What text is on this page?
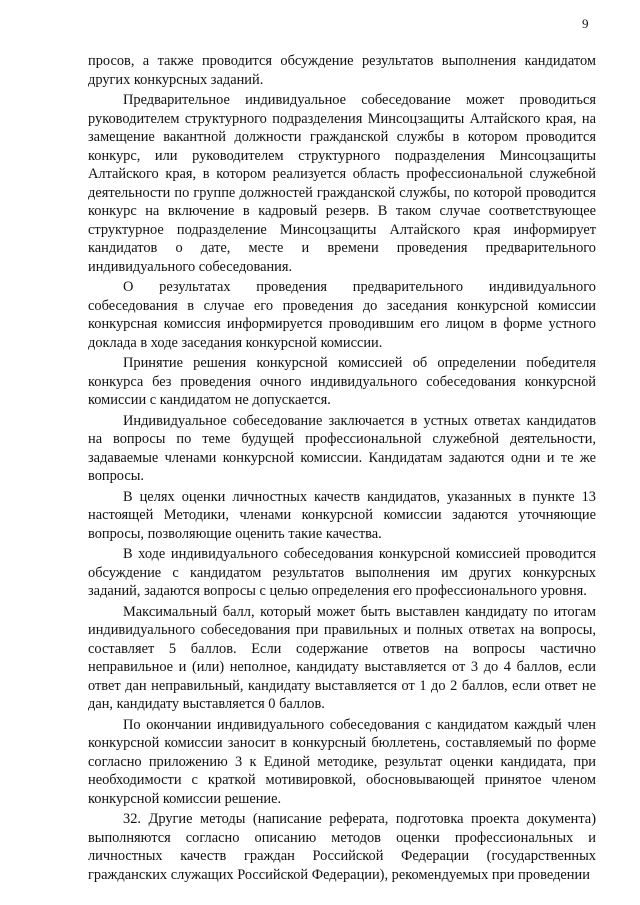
9

просов, а также проводится обсуждение результатов выполнения кандидатом других конкурсных заданий.

Предварительное индивидуальное собеседование может проводиться руководителем структурного подразделения Минсоцзащиты Алтайского края, на замещение вакантной должности гражданской службы в котором проводится конкурс, или руководителем структурного подразделения Минсоцзащиты Алтайского края, в котором реализуется область профессиональной служебной деятельности по группе должностей гражданской службы, по которой проводится конкурс на включение в кадровый резерв. В таком случае соответствующее структурное подразделение Минсоцзащиты Алтайского края информирует кандидатов о дате, месте и времени проведения предварительного индивидуального собеседования.

О результатах проведения предварительного индивидуального собеседования в случае его проведения до заседания конкурсной комиссии конкурсная комиссия информируется проводившим его лицом в форме устного доклада в ходе заседания конкурсной комиссии.

Принятие решения конкурсной комиссией об определении победителя конкурса без проведения очного индивидуального собеседования конкурсной комиссии с кандидатом не допускается.

Индивидуальное собеседование заключается в устных ответах кандидатов на вопросы по теме будущей профессиональной служебной деятельности, задаваемые членами конкурсной комиссии. Кандидатам задаются одни и те же вопросы.

В целях оценки личностных качеств кандидатов, указанных в пункте 13 настоящей Методики, членами конкурсной комиссии задаются уточняющие вопросы, позволяющие оценить такие качества.

В ходе индивидуального собеседования конкурсной комиссией проводится обсуждение с кандидатом результатов выполнения им других конкурсных заданий, задаются вопросы с целью определения его профессионального уровня.

Максимальный балл, который может быть выставлен кандидату по итогам индивидуального собеседования при правильных и полных ответах на вопросы, составляет 5 баллов. Если содержание ответов на вопросы частично неправильное и (или) неполное, кандидату выставляется от 3 до 4 баллов, если ответ дан неправильный, кандидату выставляется от 1 до 2 баллов, если ответ не дан, кандидату выставляется 0 баллов.

По окончании индивидуального собеседования с кандидатом каждый член конкурсной комиссии заносит в конкурсный бюллетень, составляемый по форме согласно приложению 3 к Единой методике, результат оценки кандидата, при необходимости с краткой мотивировкой, обосновывающей принятое членом конкурсной комиссии решение.

32. Другие методы (написание реферата, подготовка проекта документа) выполняются согласно описанию методов оценки профессиональных и личностных качеств граждан Российской Федерации (государственных гражданских служащих Российской Федерации), рекомендуемых при проведении
